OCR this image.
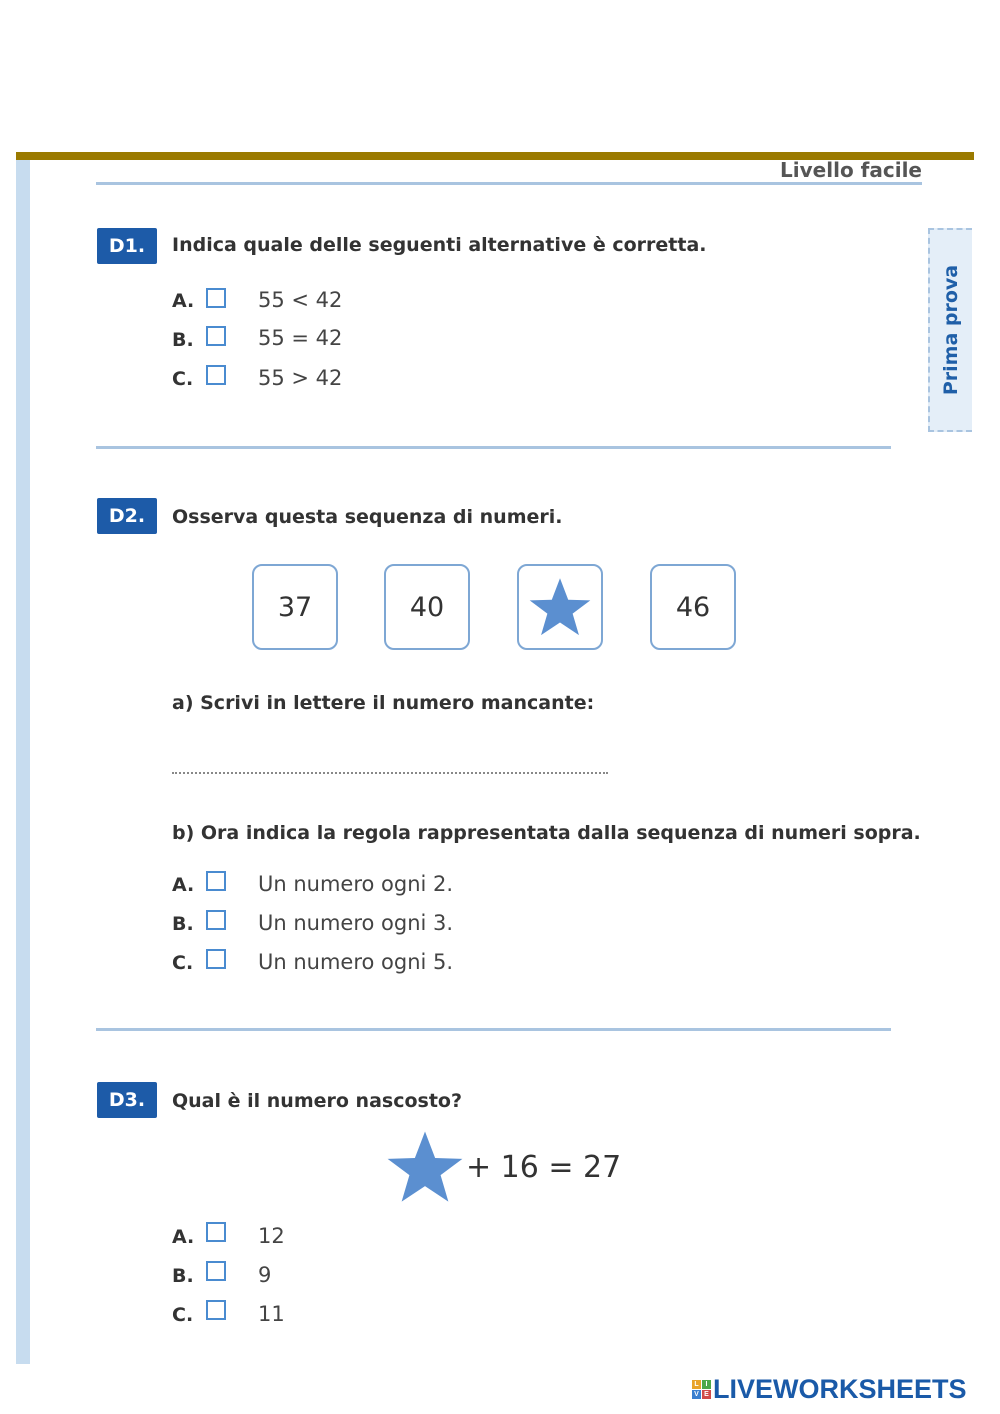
Livello facile
Prima prova
D1.	Indica quale delle seguenti alternative è corretta.
A.	55 < 42
B.	55 = 42
C.	55 > 42
D2.	Osserva questa sequenza di numeri.
37	40	46
a) Scrivi in lettere il numero mancante:
b) Ora indica la regola rappresentata dalla sequenza di numeri sopra.
A.	Un numero ogni 2.
B.	Un numero ogni 3.
C.	Un numero ogni 5.
D3.	Qual è il numero nascosto?
+ 16 = 27
A.	12
B.	9
C.	11
L I
V E LIVEWORKSHEETS
